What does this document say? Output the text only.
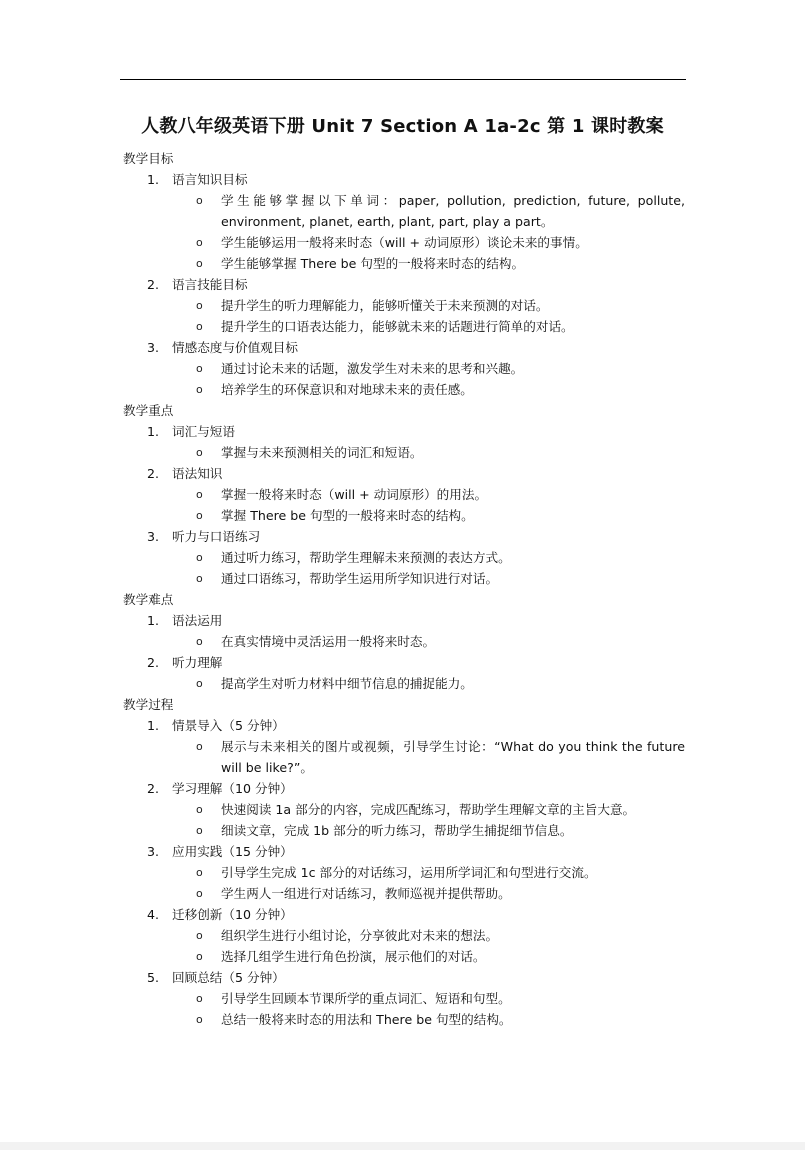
人教八年级英语下册 Unit 7 Section A 1a-2c 第 1 课时教案
教学目标
1.	语言知识目标
o 学生能够掌握以下单词：paper, pollution, prediction, future, pollute, environment, planet, earth, plant, part, play a part。
o 学生能够运用一般将来时态（will + 动词原形）谈论未来的事情。
o 学生能够掌握 There be 句型的一般将来时态的结构。
2.	语言技能目标
o 提升学生的听力理解能力，能够听懂关于未来预测的对话。
o 提升学生的口语表达能力，能够就未来的话题进行简单的对话。
3.	情感态度与价值观目标
o 通过讨论未来的话题，激发学生对未来的思考和兴趣。
o 培养学生的环保意识和对地球未来的责任感。
教学重点
1.	词汇与短语
o 掌握与未来预测相关的词汇和短语。
2.	语法知识
o 掌握一般将来时态（will + 动词原形）的用法。
o 掌握 There be 句型的一般将来时态的结构。
3.	听力与口语练习
o 通过听力练习，帮助学生理解未来预测的表达方式。
o 通过口语练习，帮助学生运用所学知识进行对话。
教学难点
1.	语法运用
o 在真实情境中灵活运用一般将来时态。
2.	听力理解
o 提高学生对听力材料中细节信息的捕捉能力。
教学过程
1.	情景导入（5 分钟）
o 展示与未来相关的图片或视频，引导学生讨论：“What do you think the future will be like?”。
2.	学习理解（10 分钟）
o 快速阅读 1a 部分的内容，完成匹配练习，帮助学生理解文章的主旨大意。
o 细读文章，完成 1b 部分的听力练习，帮助学生捕捉细节信息。
3.	应用实践（15 分钟）
o 引导学生完成 1c 部分的对话练习，运用所学词汇和句型进行交流。
o 学生两人一组进行对话练习，教师巡视并提供帮助。
4.	迁移创新（10 分钟）
o 组织学生进行小组讨论，分享彼此对未来的想法。
o 选择几组学生进行角色扮演，展示他们的对话。
5.	回顾总结（5 分钟）
o 引导学生回顾本节课所学的重点词汇、短语和句型。
o 总结一般将来时态的用法和 There be 句型的结构。
